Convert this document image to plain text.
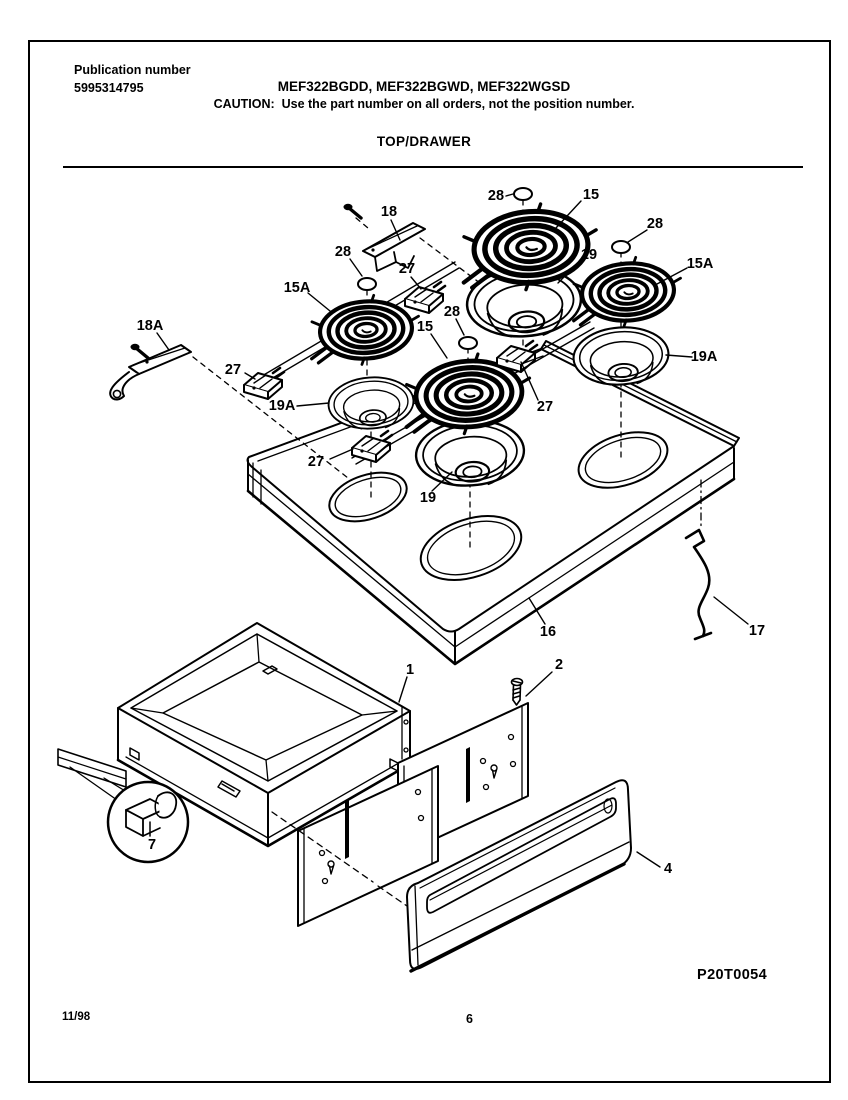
Publication number
5995314795	MEF322BGDD, MEF322BGWD, MEF322WGSD
CAUTION:  Use the part number on all orders, not the position number.
TOP/DRAWER
18
28	15
19
28
15A
19A
28
15A
27
18A
27
19A
28
15
27
27
19
16	17
1	2
7
4
P20T0054
11/98	6
